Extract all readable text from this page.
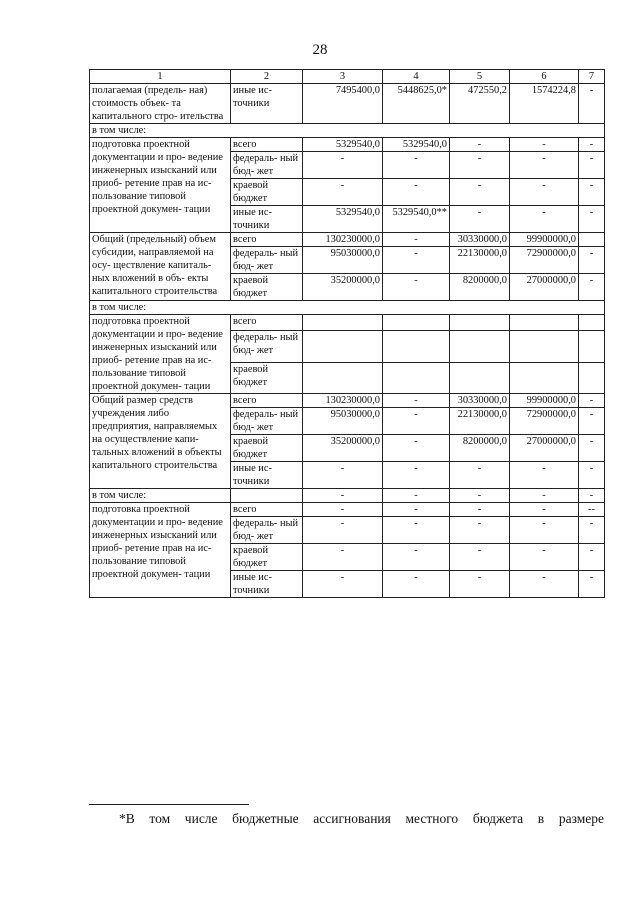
28
1	2	3	4	5	6	7
полагаемая (предель- ная) стоимость объек- та капитального стро- ительства	иные ис- точники	7495400,0	5448625,0*	472550,2	1574224,8	-
в том числе:						
подготовка проектной документации и про- ведение инженерных изысканий или приоб- ретение прав на ис- пользование типовой проектной докумен- тации	всего	5329540,0	5329540,0	-	-	-
	федераль- ный бюд- жет	-	-	-	-	-
	краевой бюджет	-	-	-	-	-
	иные ис- точники	5329540,0	5329540,0**	-	-	-
Общий (предельный) объем субсидии, направляемой на осу- ществление капиталь- ных вложений в объ- екты капитального строительства	всего	130230000,0	-	30330000,0	99900000,0	
	федераль- ный бюд- жет	95030000,0	-	22130000,0	72900000,0	-
	краевой бюджет	35200000,0	-	8200000,0	27000000,0	-
в том числе:						
подготовка проектной документации и про- ведение инженерных изысканий или приоб- ретение прав на ис- пользование типовой проектной докумен- тации	всего					
	федераль- ный бюд- жет					
	краевой бюджет					
Общий размер средств учреждения либо предприятия, направляемых на осуществление капи- тальных вложений в объекты капитального строительства	всего	130230000,0	-	30330000,0	99900000,0	-
	федераль- ный бюд- жет	95030000,0	-	22130000,0	72900000,0	-
	краевой бюджет	35200000,0	-	8200000,0	27000000,0	-
	иные ис- точники	-	-	-	-	-
в том числе:		-	-	-	-	-
подготовка проектной документации и про- ведение инженерных изысканий или приоб- ретение прав на ис- пользование типовой проектной докумен- тации	всего	-	-	-	-	--
	федераль- ный бюд- жет	-	-	-	-	-
	краевой бюджет	-	-	-	-	-
	иные ис- точники	-	-	-	-	-
*В том числе бюджетные ассигнования местного бюджета в размере
